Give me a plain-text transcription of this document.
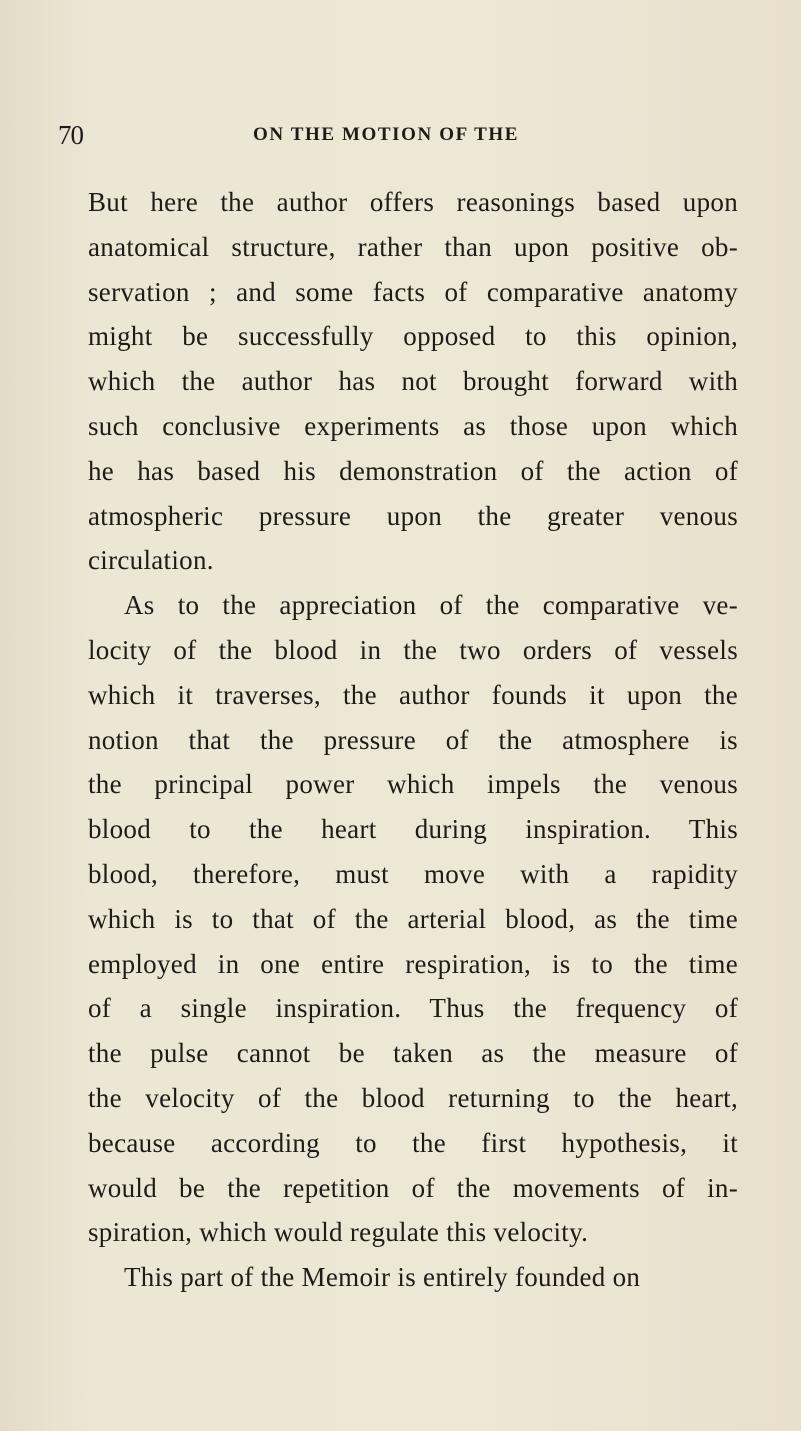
70	ON THE MOTION OF THE
But here the author offers reasonings based upon
anatomical structure, rather than upon positive ob-
servation ; and some facts of comparative anatomy
might be successfully opposed to this opinion,
which the author has not brought forward with
such conclusive experiments as those upon which
he has based his demonstration of the action of
atmospheric pressure upon the greater venous
circulation.
As to the appreciation of the comparative ve-
locity of the blood in the two orders of vessels
which it traverses, the author founds it upon the
notion that the pressure of the atmosphere is
the principal power which impels the venous
blood to the heart during inspiration. This
blood, therefore, must move with a rapidity
which is to that of the arterial blood, as the time
employed in one entire respiration, is to the time
of a single inspiration. Thus the frequency of
the pulse cannot be taken as the measure of
the velocity of the blood returning to the heart,
because according to the first hypothesis, it
would be the repetition of the movements of in-
spiration, which would regulate this velocity.
This part of the Memoir is entirely founded on
